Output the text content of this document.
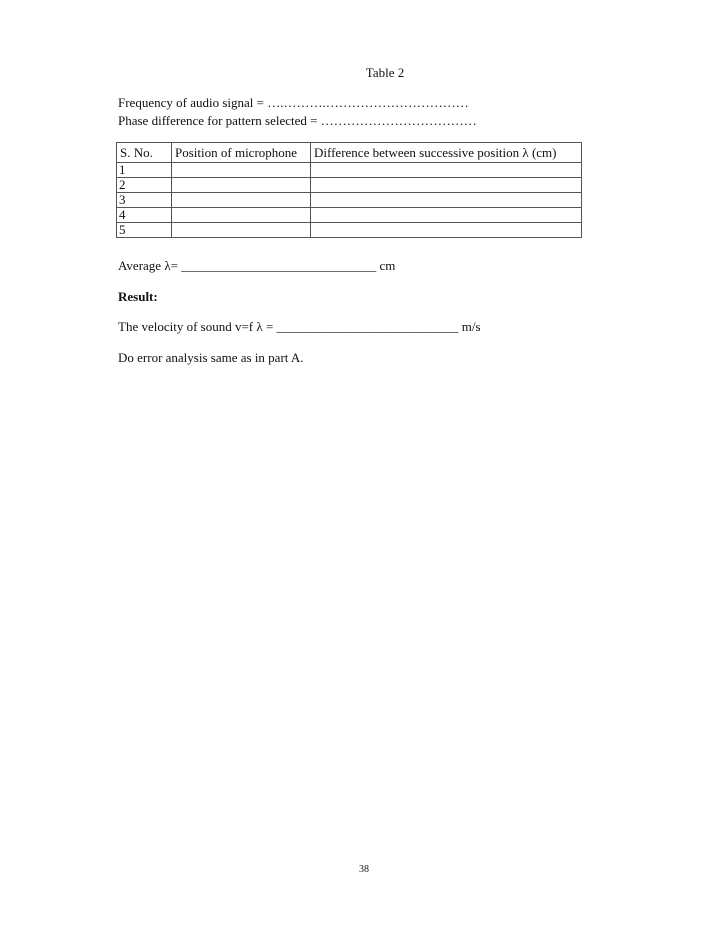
Table 2
Frequency of audio signal = ….……….……………………………
Phase difference for pattern selected = ………………………………
S. No.	Position of microphone	Difference between successive position λ (cm)
1		
2		
3		
4		
5		
Average λ= ______________________________ cm
Result:
The velocity of sound v=f λ = ____________________________ m/s
Do error analysis same as in part A.
38
